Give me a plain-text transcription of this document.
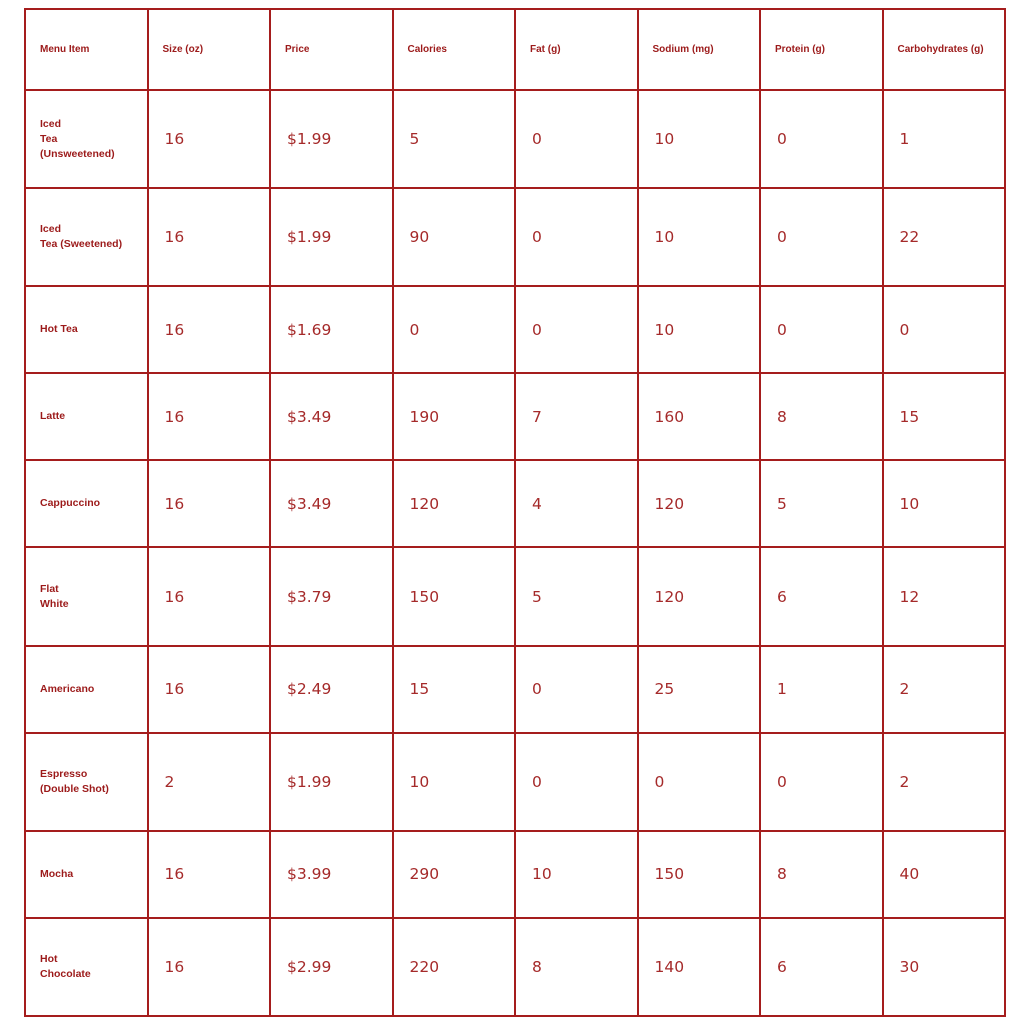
Menu Item	Size (oz)	Price	Calories	Fat (g)	Sodium (mg)	Protein (g)	Carbohydrates (g)

Iced
Tea
(Unsweetened)	16	$1.99	5	0	10	0	1

Iced
Tea (Sweetened)	16	$1.99	90	0	10	0	22

Hot Tea	16	$1.69	0	0	10	0	0

Latte	16	$3.49	190	7	160	8	15

Cappuccino	16	$3.49	120	4	120	5	10

Flat
White	16	$3.79	150	5	120	6	12

Americano	16	$2.49	15	0	25	1	2

Espresso
(Double Shot)	2	$1.99	10	0	0	0	2

Mocha	16	$3.99	290	10	150	8	40

Hot
Chocolate	16	$2.99	220	8	140	6	30
